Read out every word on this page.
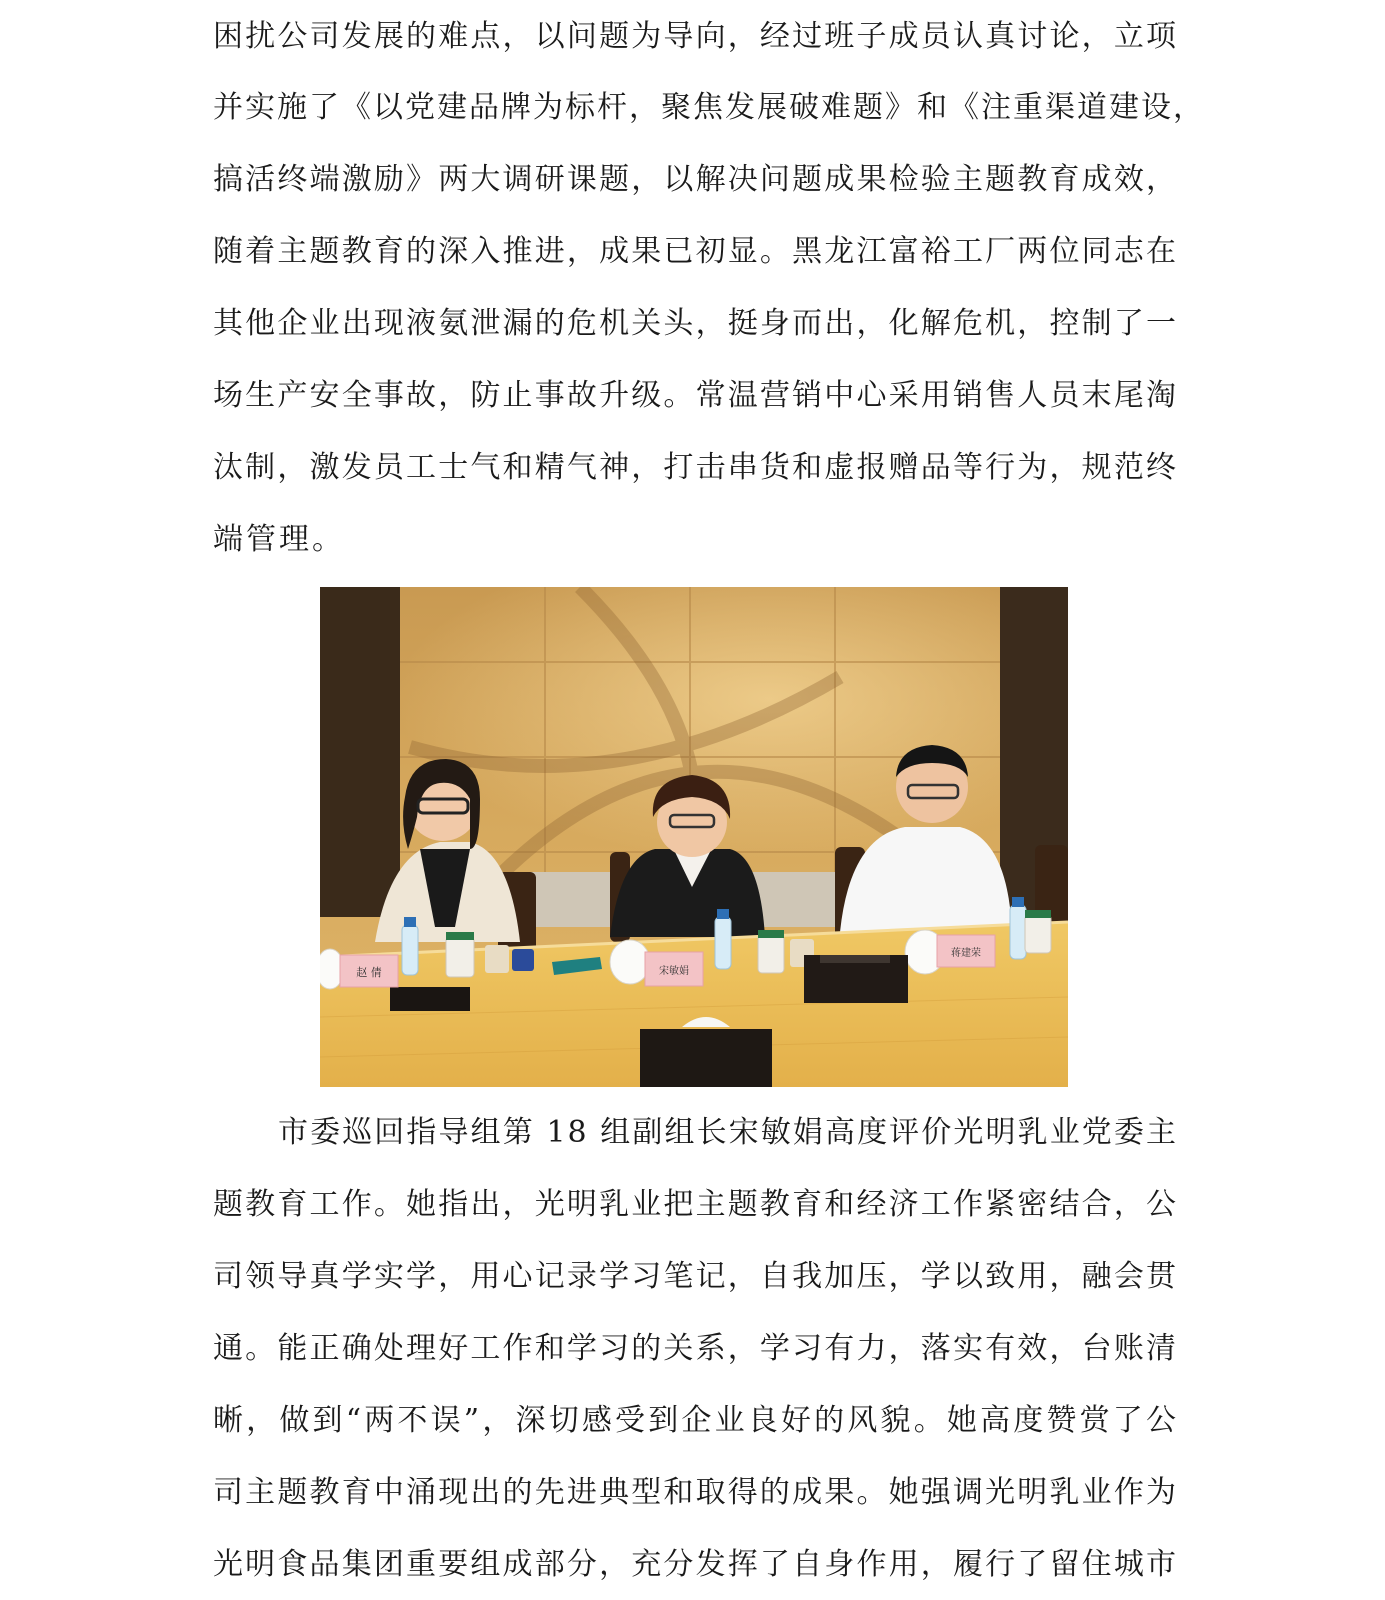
困扰公司发展的难点，以问题为导向，经过班子成员认真讨论，立项
并实施了《以党建品牌为标杆，聚焦发展破难题》和《注重渠道建设，
搞活终端激励》两大调研课题，以解决问题成果检验主题教育成效，
随着主题教育的深入推进，成果已初显。黑龙江富裕工厂两位同志在
其他企业出现液氨泄漏的危机关头，挺身而出，化解危机，控制了一
场生产安全事故，防止事故升级。常温营销中心采用销售人员末尾淘
汰制，激发员工士气和精气神，打击串货和虚报赠品等行为，规范终
端管理。
赵 倩	宋敏娟
蒋建荣
市委巡回指导组第 18 组副组长宋敏娟高度评价光明乳业党委主
题教育工作。她指出，光明乳业把主题教育和经济工作紧密结合，公
司领导真学实学，用心记录学习笔记，自我加压，学以致用，融会贯
通。能正确处理好工作和学习的关系，学习有力，落实有效，台账清
晰，做到“两不误”，深切感受到企业良好的风貌。她高度赞赏了公
司主题教育中涌现出的先进典型和取得的成果。她强调光明乳业作为
光明食品集团重要组成部分，充分发挥了自身作用，履行了留住城市
